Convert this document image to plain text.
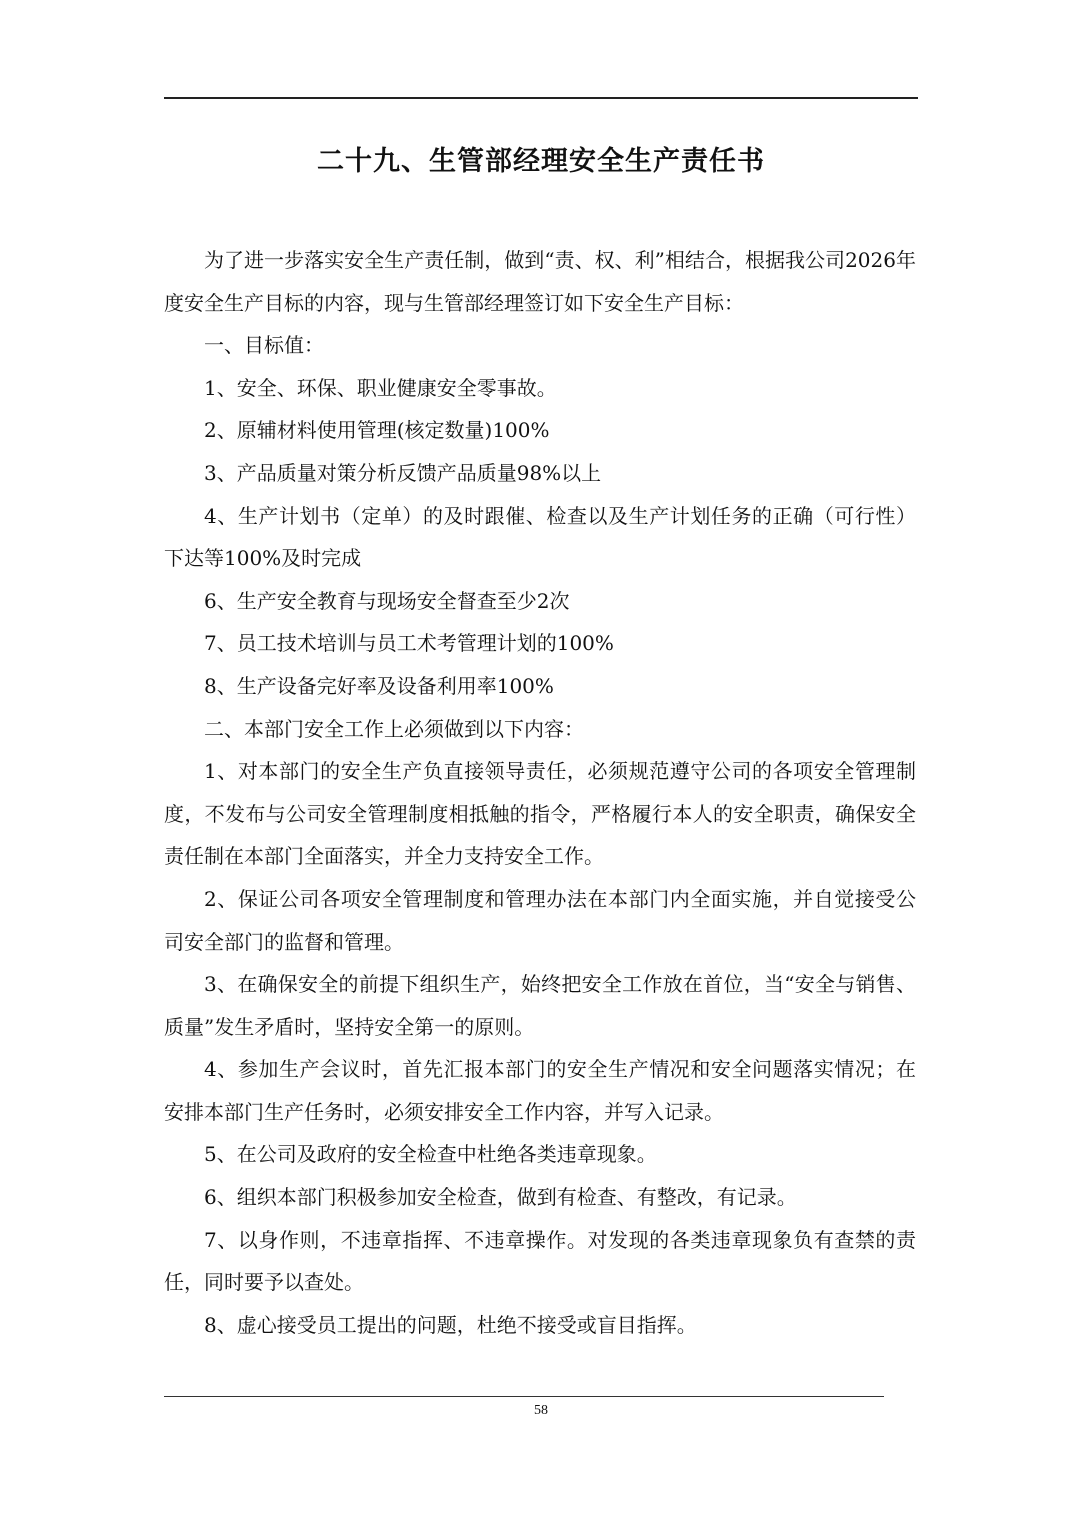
二十九、生管部经理安全生产责任书

为了进一步落实安全生产责任制，做到“责、权、利”相结合，根据我公司2026年度安全生产目标的内容，现与生管部经理签订如下安全生产目标：

一、目标值：

1、安全、环保、职业健康安全零事故。

2、原辅材料使用管理(核定数量)100%

3、产品质量对策分析反馈产品质量98%以上

4、生产计划书（定单）的及时跟催、检查以及生产计划任务的正确（可行性）下达等100%及时完成

6、生产安全教育与现场安全督查至少2次

7、员工技术培训与员工术考管理计划的100%

8、生产设备完好率及设备利用率100%

二、本部门安全工作上必须做到以下内容：

1、对本部门的安全生产负直接领导责任，必须规范遵守公司的各项安全管理制度，不发布与公司安全管理制度相抵触的指令，严格履行本人的安全职责，确保安全责任制在本部门全面落实，并全力支持安全工作。

2、保证公司各项安全管理制度和管理办法在本部门内全面实施，并自觉接受公司安全部门的监督和管理。

3、在确保安全的前提下组织生产，始终把安全工作放在首位，当“安全与销售、质量”发生矛盾时，坚持安全第一的原则。

4、参加生产会议时，首先汇报本部门的安全生产情况和安全问题落实情况；在安排本部门生产任务时，必须安排安全工作内容，并写入记录。

5、在公司及政府的安全检查中杜绝各类违章现象。

6、组织本部门积极参加安全检查，做到有检查、有整改，有记录。

7、以身作则，不违章指挥、不违章操作。对发现的各类违章现象负有查禁的责任，同时要予以查处。

8、虚心接受员工提出的问题，杜绝不接受或盲目指挥。

58
